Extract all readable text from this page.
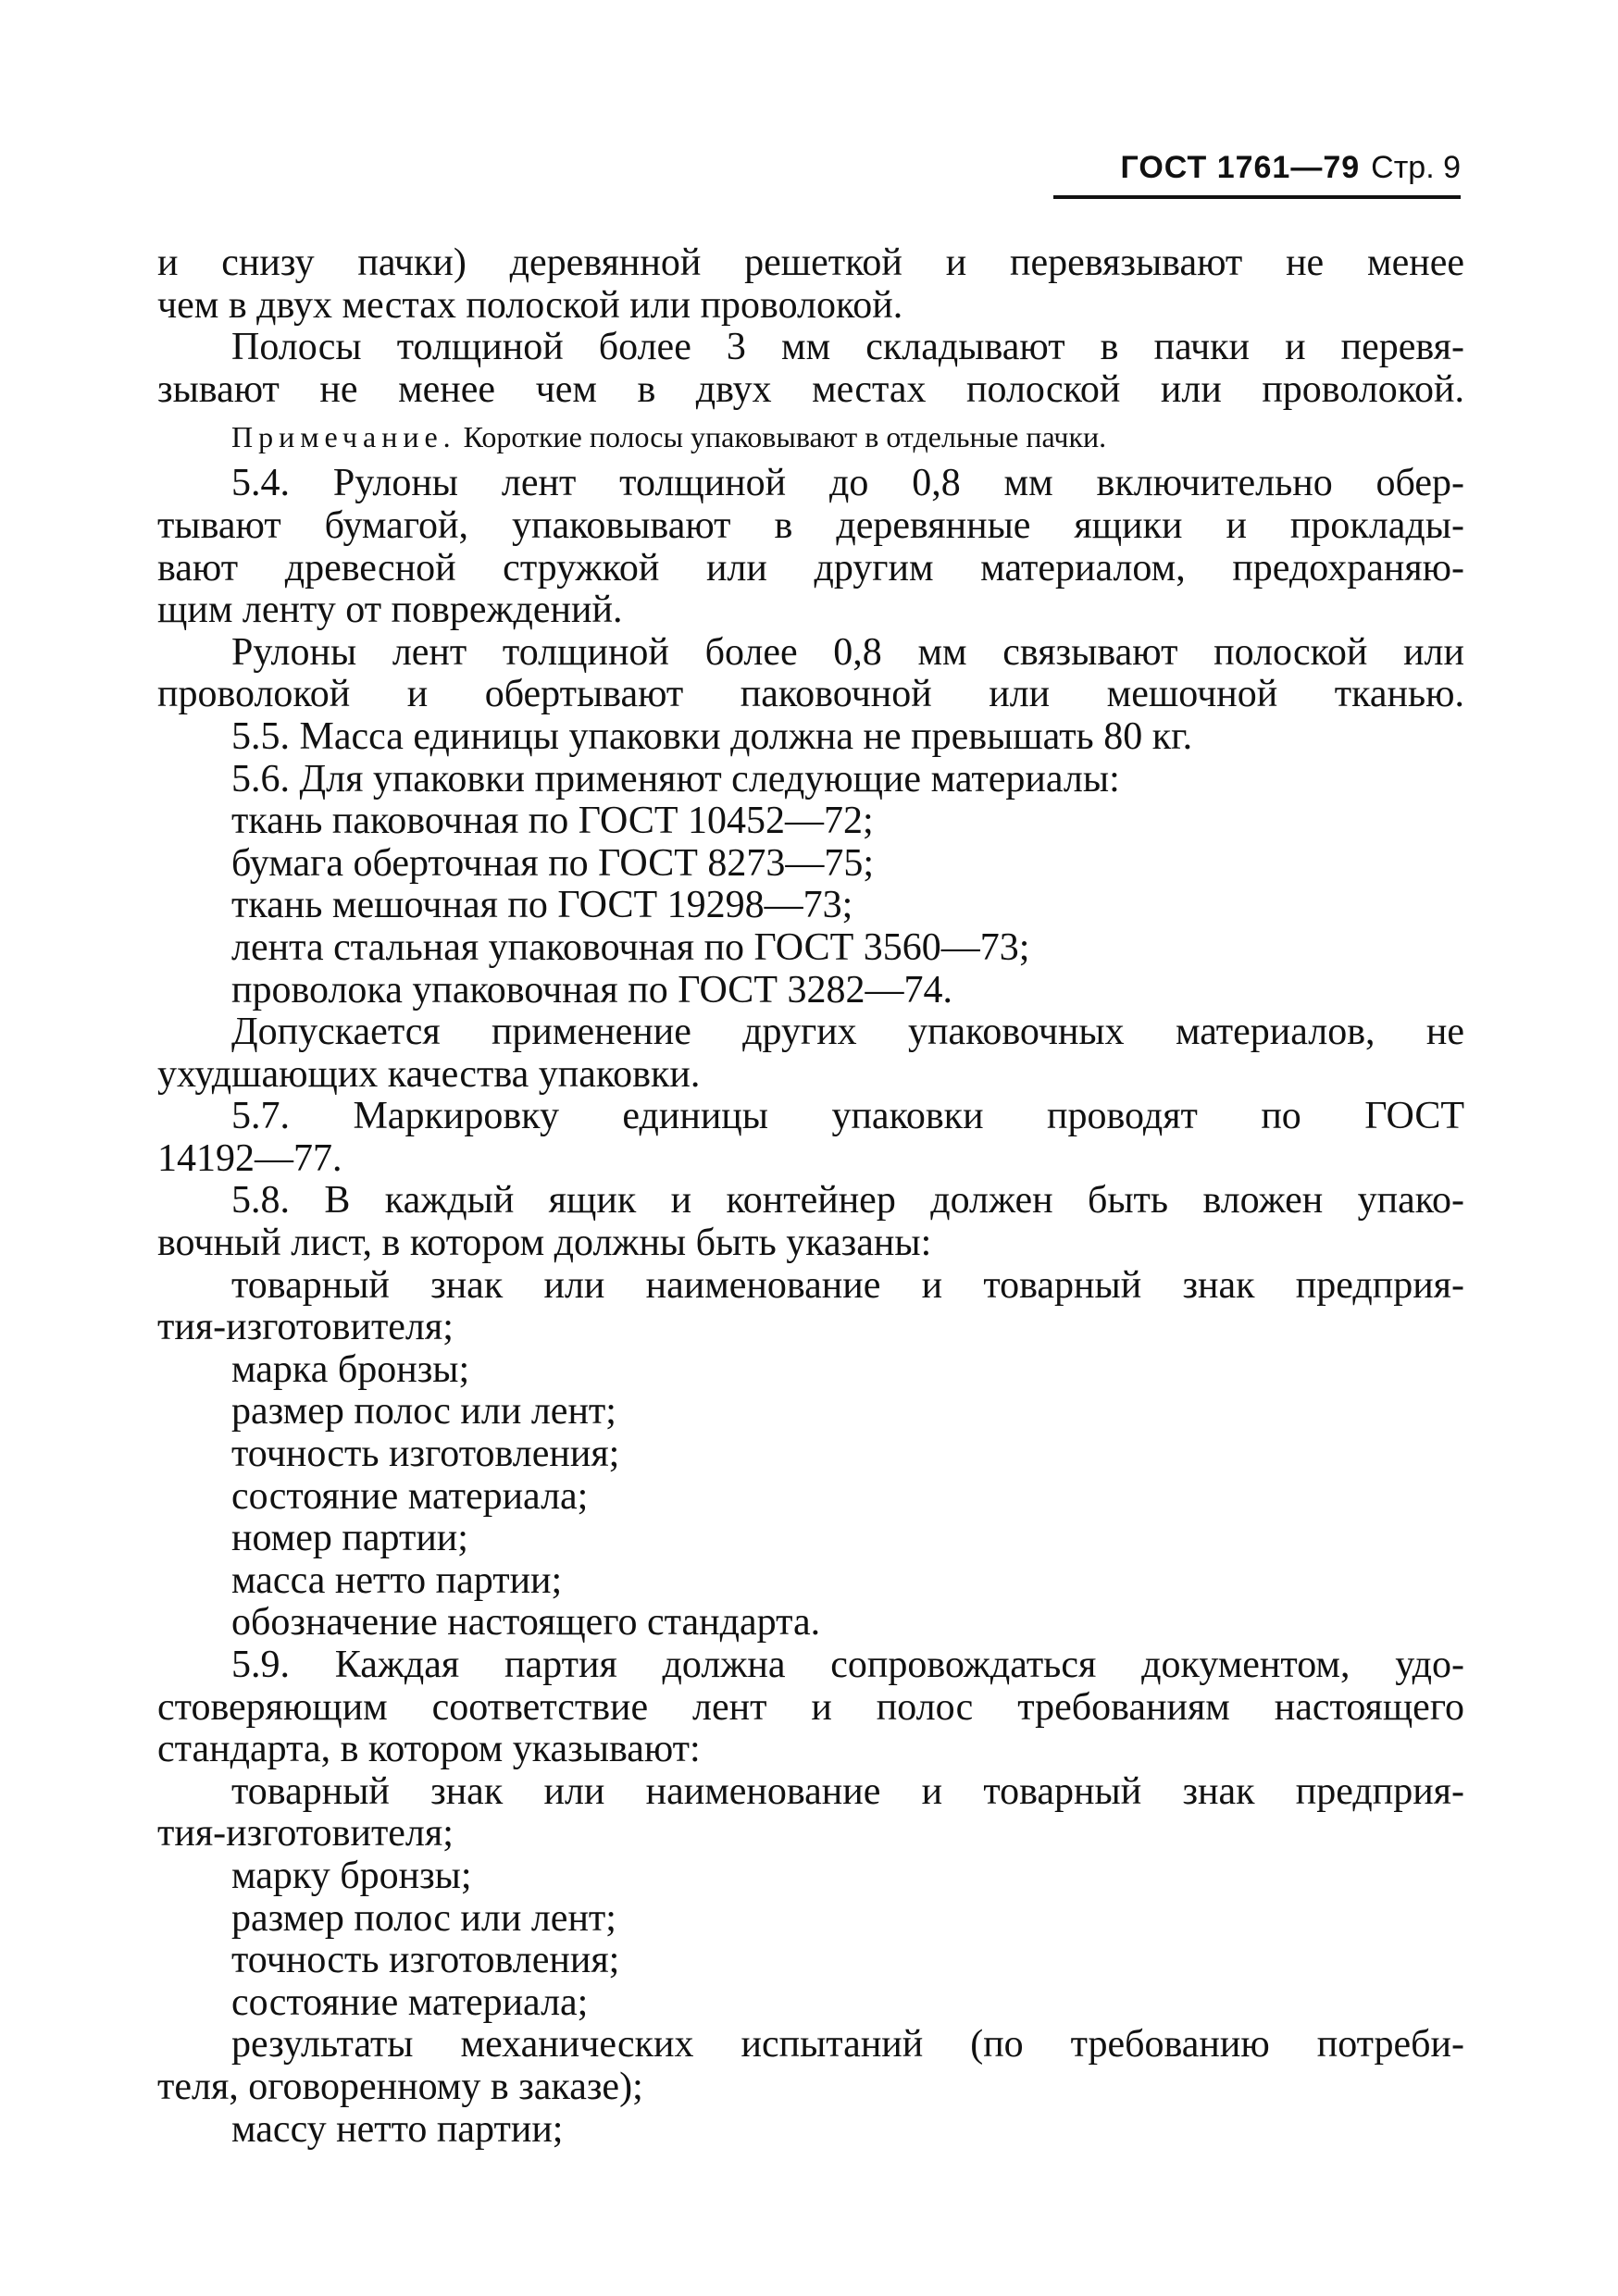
ГОСТ 1761—79 Стр. 9
и снизу пачки) деревянной решеткой и перевязывают не менее
чем в двух местах полоской или проволокой.
Полосы толщиной более 3 мм складывают в пачки и перевя-
зывают не менее чем в двух местах полоской или проволокой.
Примечание. Короткие полосы упаковывают в отдельные пачки.
5.4. Рулоны лент толщиной до 0,8 мм включительно обер-
тывают бумагой, упаковывают в деревянные ящики и проклады-
вают древесной стружкой или другим материалом, предохраняю-
щим ленту от повреждений.
Рулоны лент толщиной более 0,8 мм связывают полоской или
проволокой и обертывают паковочной или мешочной тканью.
5.5. Масса единицы упаковки должна не превышать 80 кг.
5.6. Для упаковки применяют следующие материалы:
ткань паковочная по ГОСТ 10452—72;
бумага оберточная по ГОСТ 8273—75;
ткань мешочная по ГОСТ 19298—73;
лента стальная упаковочная по ГОСТ 3560—73;
проволока упаковочная по ГОСТ 3282—74.
Допускается применение других упаковочных материалов, не
ухудшающих качества упаковки.
5.7. Маркировку единицы упаковки проводят по ГОСТ
14192—77.
5.8. В каждый ящик и контейнер должен быть вложен упако-
вочный лист, в котором должны быть указаны:
товарный знак или наименование и товарный знак предприя-
тия-изготовителя;
марка бронзы;
размер полос или лент;
точность изготовления;
состояние материала;
номер партии;
масса нетто партии;
обозначение настоящего стандарта.
5.9. Каждая партия должна сопровождаться документом, удо-
стоверяющим соответствие лент и полос требованиям настоящего
стандарта, в котором указывают:
товарный знак или наименование и товарный знак предприя-
тия-изготовителя;
марку бронзы;
размер полос или лент;
точность изготовления;
состояние материала;
результаты механических испытаний (по требованию потреби-
теля, оговоренному в заказе);
массу нетто партии;
